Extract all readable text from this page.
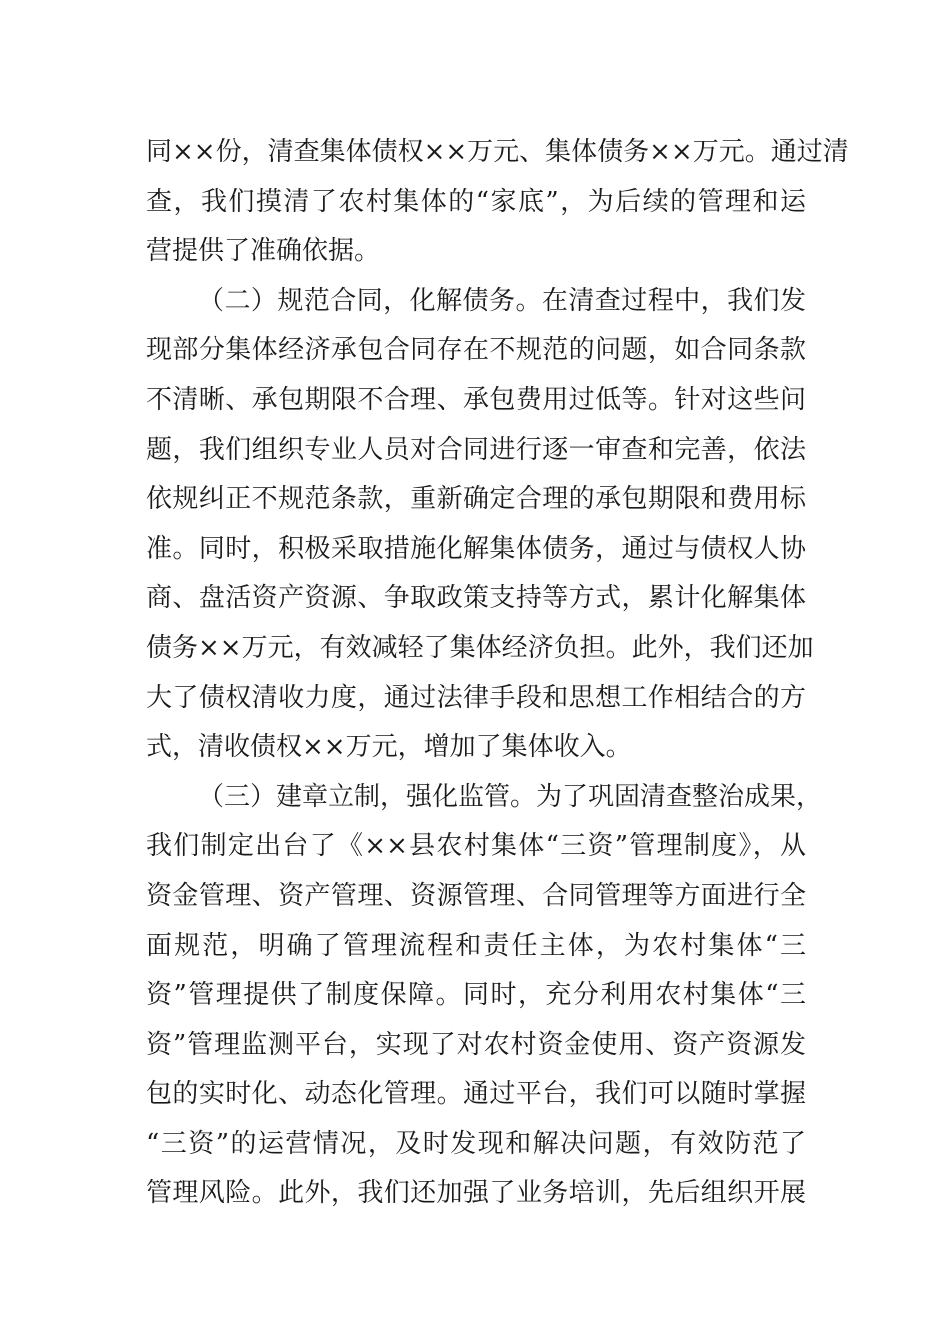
同××份，清查集体债权××万元、集体债务××万元。通过清
查，我们摸清了农村集体的“家底”，为后续的管理和运
营提供了准确依据。
（二）规范合同，化解债务。在清查过程中，我们发
现部分集体经济承包合同存在不规范的问题，如合同条款
不清晰、承包期限不合理、承包费用过低等。针对这些问
题，我们组织专业人员对合同进行逐一审查和完善，依法
依规纠正不规范条款，重新确定合理的承包期限和费用标
准。同时，积极采取措施化解集体债务，通过与债权人协
商、盘活资产资源、争取政策支持等方式，累计化解集体
债务××万元，有效减轻了集体经济负担。此外，我们还加
大了债权清收力度，通过法律手段和思想工作相结合的方
式，清收债权××万元，增加了集体收入。
（三）建章立制，强化监管。为了巩固清查整治成果，
我们制定出台了《××县农村集体“三资”管理制度》，从
资金管理、资产管理、资源管理、合同管理等方面进行全
面规范，明确了管理流程和责任主体，为农村集体“三
资”管理提供了制度保障。同时，充分利用农村集体“三
资”管理监测平台，实现了对农村资金使用、资产资源发
包的实时化、动态化管理。通过平台，我们可以随时掌握
“三资”的运营情况，及时发现和解决问题，有效防范了
管理风险。此外，我们还加强了业务培训，先后组织开展
